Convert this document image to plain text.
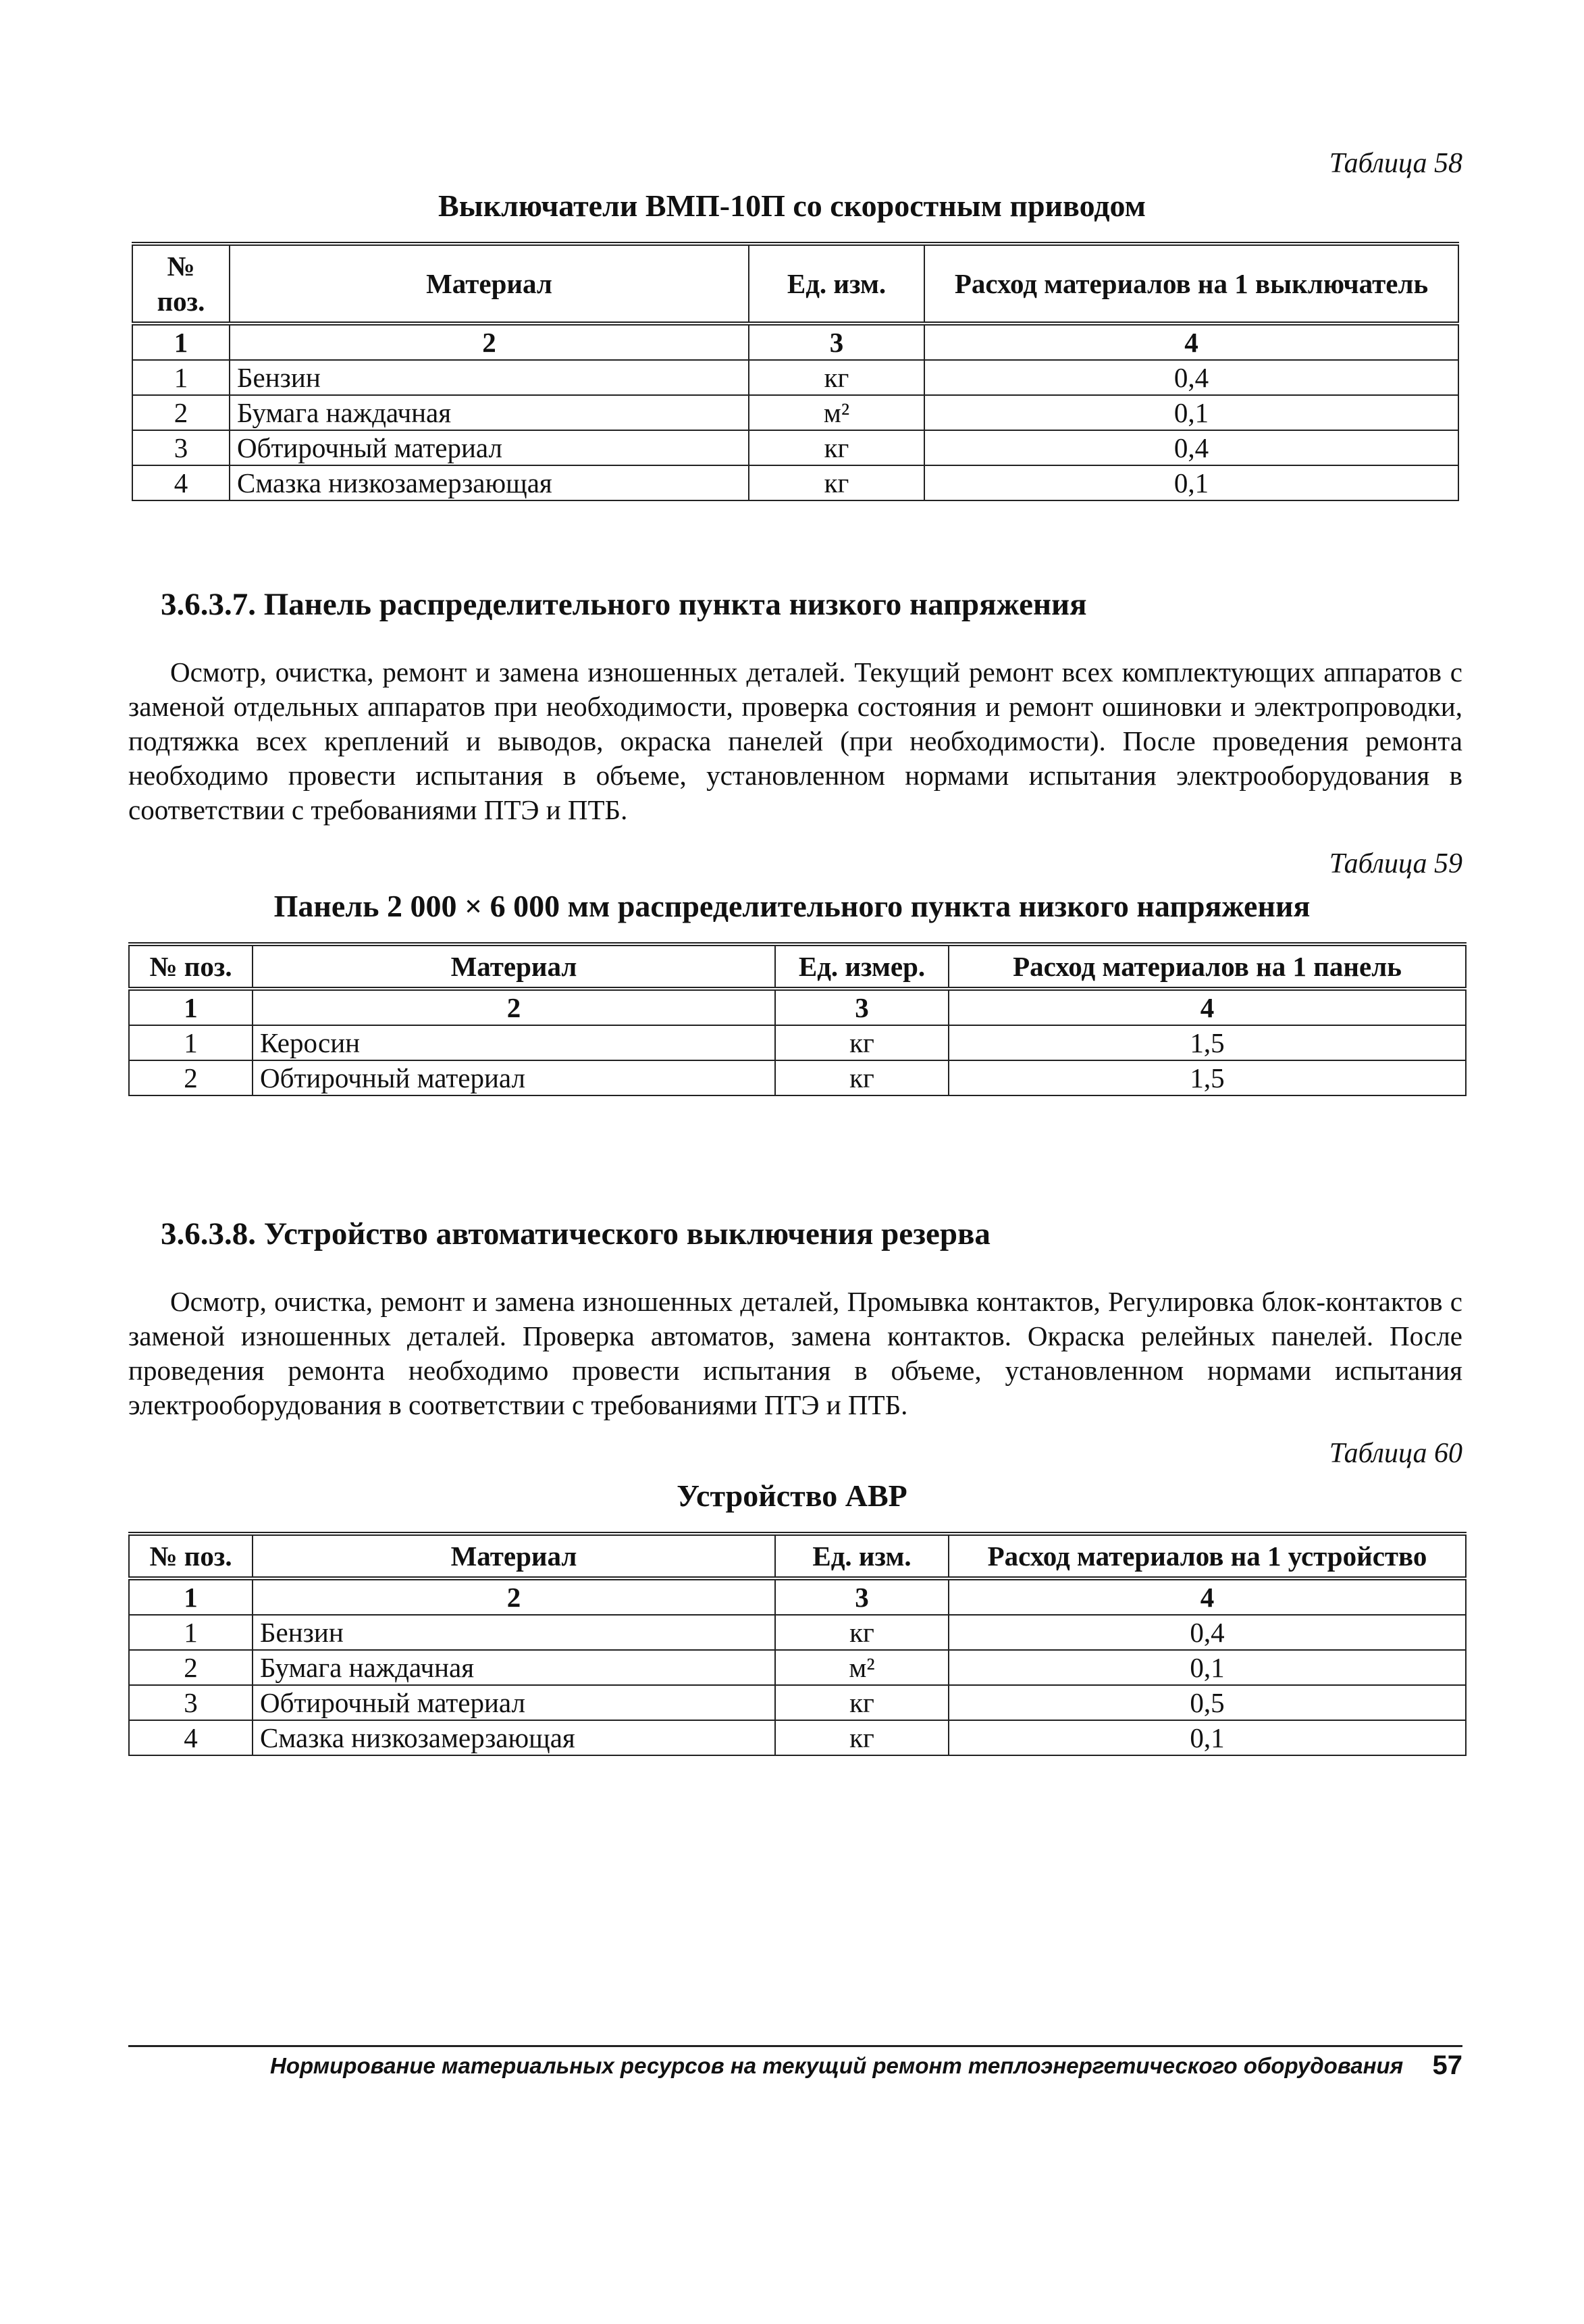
Таблица 58
Выключатели ВМП-10П со скоростным приводом
№ поз.	Материал	Ед. изм.	Расход материалов на 1 выключатель
1	2	3	4
1	Бензин	кг	0,4
2	Бумага наждачная	м²	0,1
3	Обтирочный материал	кг	0,4
4	Смазка низкозамерзающая	кг	0,1
3.6.3.7. Панель распределительного пункта низкого напряжения

Осмотр, очистка, ремонт и замена изношенных деталей. Текущий ремонт всех комплектующих аппаратов с заменой отдельных аппаратов при необходимости, проверка состояния и ремонт ошиновки и электропроводки, подтяжка всех креплений и выводов, окраска панелей (при необходимости). После проведения ремонта необходимо провести испытания в объеме, установленном нормами испытания электрооборудования в соответствии с требованиями ПТЭ и ПТБ.

Таблица 59
Панель 2 000 × 6 000 мм распределительного пункта низкого напряжения
№ поз.	Материал	Ед. измер.	Расход материалов на 1 панель
1	2	3	4
1	Керосин	кг	1,5
2	Обтирочный материал	кг	1,5
3.6.3.8. Устройство автоматического выключения резерва

Осмотр, очистка, ремонт и замена изношенных деталей, Промывка контактов, Регулировка блок-контактов с заменой изношенных деталей. Проверка автоматов, замена контактов. Окраска релейных панелей. После проведения ремонта необходимо провести испытания в объеме, установленном нормами испытания электрооборудования в соответствии с требованиями ПТЭ и ПТБ.

Таблица 60
Устройство АВР
№ поз.	Материал	Ед. изм.	Расход материалов на 1 устройство
1	2	3	4
1	Бензин	кг	0,4
2	Бумага наждачная	м²	0,1
3	Обтирочный материал	кг	0,5
4	Смазка низкозамерзающая	кг	0,1
Нормирование материальных ресурсов на текущий ремонт теплоэнергетического оборудования 57
